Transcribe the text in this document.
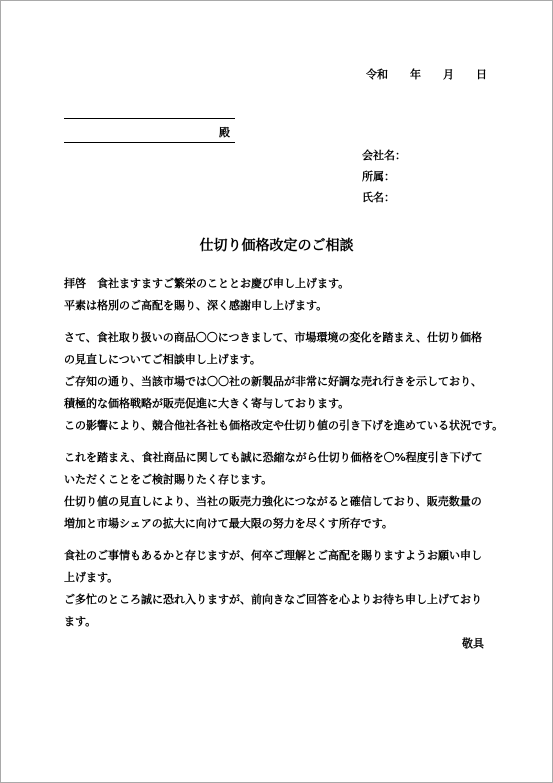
令和　　年　　月　　日
殿
会社名：
所属：
氏名：
仕切り価格改定のご相談
拝啓　食社ますますご繁栄のこととお慶び申し上げます。
平素は格別のご高配を賜り、深く感謝申し上げます。
さて、食社取り扱いの商品〇〇につきまして、市場環境の変化を踏まえ、仕切り価格
の見直しについてご相談申し上げます。
ご存知の通り、当該市場では〇〇社の新製品が非常に好調な売れ行きを示しており、
積極的な価格戦略が販売促進に大きく寄与しております。
この影響により、競合他社各社も価格改定や仕切り値の引き下げを進めている状況です。
これを踏まえ、食社商品に関しても誠に恐縮ながら仕切り価格を〇%程度引き下げて
いただくことをご検討賜りたく存じます。
仕切り値の見直しにより、当社の販売力強化につながると確信しており、販売数量の
増加と市場シェアの拡大に向けて最大限の努力を尽くす所存です。
食社のご事情もあるかと存じますが、何卒ご理解とご高配を賜りますようお願い申し
上げます。
ご多忙のところ誠に恐れ入りますが、前向きなご回答を心よりお待ち申し上げており
ます。
敬具
